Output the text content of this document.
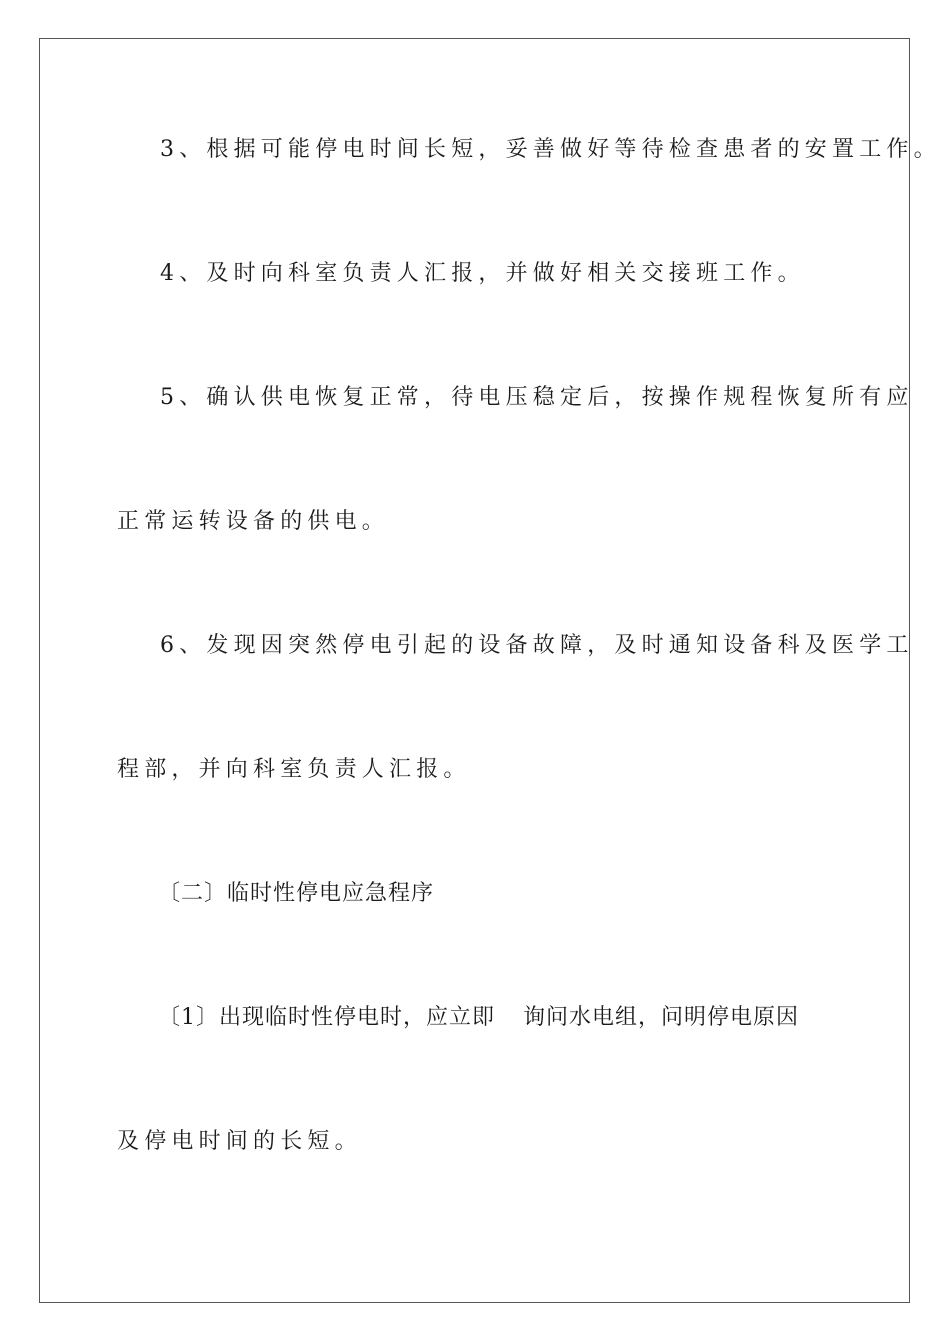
3、根据可能停电时间长短，妥善做好等待检查患者的安置工作。
4、及时向科室负责人汇报，并做好相关交接班工作。
5、确认供电恢复正常，待电压稳定后，按操作规程恢复所有应
正常运转设备的供电。
6、发现因突然停电引起的设备故障，及时通知设备科及医学工
程部，并向科室负责人汇报。
〔二〕临时性停电应急程序
〔1〕出现临时性停电时，应立即 询问水电组，问明停电原因
及停电时间的长短。
